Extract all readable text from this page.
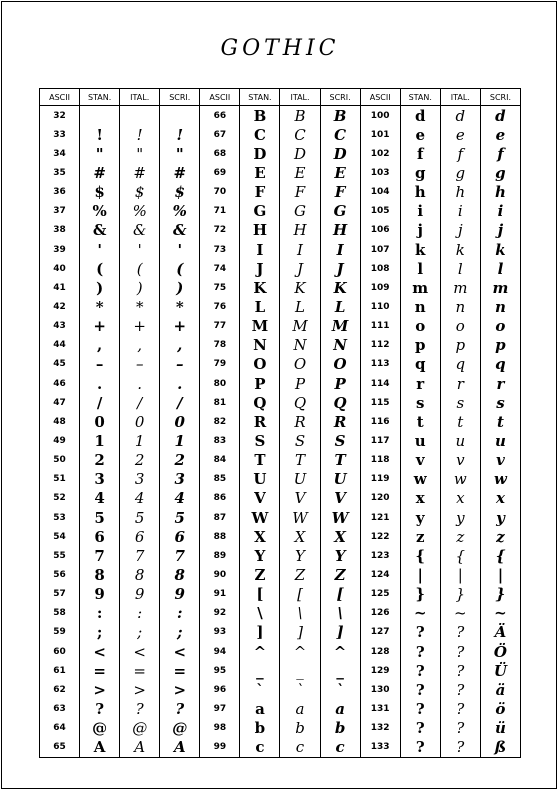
GOTHIC
ASCII	STAN.	ITAL.	SCRI.	ASCII	STAN.	ITAL.	SCRI.	ASCII	STAN.	ITAL.	SCRI.
32				66	B	B	B	100	d	d	d
33	!	!	!	67	C	C	C	101	e	e	e
34	"	"	"	68	D	D	D	102	f	f	f
35	#	#	#	69	E	E	E	103	g	g	g
36	$	$	$	70	F	F	F	104	h	h	h
37	%	%	%	71	G	G	G	105	i	i	i
38	&	&	&	72	H	H	H	106	j	j	j
39	'	'	'	73	I	I	I	107	k	k	k
40	(	(	(	74	J	J	J	108	l	l	l
41	)	)	)	75	K	K	K	109	m	m	m
42	*	*	*	76	L	L	L	110	n	n	n
43	+	+	+	77	M	M	M	111	o	o	o
44	,	,	,	78	N	N	N	112	p	p	p
45	–	–	–	79	O	O	O	113	q	q	q
46	.	.	.	80	P	P	P	114	r	r	r
47	/	/	/	81	Q	Q	Q	115	s	s	s
48	0	0	0	82	R	R	R	116	t	t	t
49	1	1	1	83	S	S	S	117	u	u	u
50	2	2	2	84	T	T	T	118	v	v	v
51	3	3	3	85	U	U	U	119	w	w	w
52	4	4	4	86	V	V	V	120	x	x	x
53	5	5	5	87	W	W	W	121	y	y	y
54	6	6	6	88	X	X	X	122	z	z	z
55	7	7	7	89	Y	Y	Y	123	{	{	{
56	8	8	8	90	Z	Z	Z	124	|	|	|
57	9	9	9	91	[	[	[	125	}	}	}
58	:	:	:	92	\	\	\	126	~	~	~
59	;	;	;	93	]	]	]	127	?	?	Ä
60	<	<	<	94	^	^	^	128	?	?	Ö
61	=	=	=	95	_	_	_	129	?	?	Ü
62	>	>	>	96	`	`	`	130	?	?	ä
63	?	?	?	97	a	a	a	131	?	?	ö
64	@	@	@	98	b	b	b	132	?	?	ü
65	A	A	A	99	c	c	c	133	?	?	ß
